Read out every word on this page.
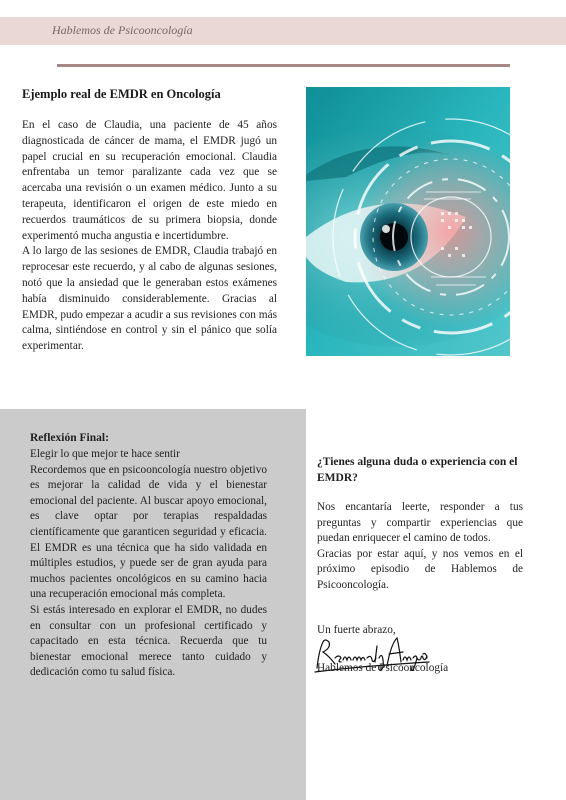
Hablemos de Psicooncología
Ejemplo real de EMDR en Oncología

En el caso de Claudia, una paciente de 45 años diagnosticada de cáncer de mama, el EMDR jugó un papel crucial en su recuperación emocional. Claudia enfrentaba un temor paralizante cada vez que se acercaba una revisión o un examen médico. Junto a su terapeuta, identificaron el origen de este miedo en recuerdos traumáticos de su primera biopsia, donde experimentó mucha angustia e incertidumbre.

A lo largo de las sesiones de EMDR, Claudia trabajó en reprocesar este recuerdo, y al cabo de algunas sesiones, notó que la ansiedad que le generaban estos exámenes había disminuido considerablemente. Gracias al EMDR, pudo empezar a acudir a sus revisiones con más calma, sintiéndose en control y sin el pánico que solía experimentar.

Reflexión Final:

Elegir lo que mejor te hace sentir

Recordemos que en psicooncología nuestro objetivo es mejorar la calidad de vida y el bienestar emocional del paciente. Al buscar apoyo emocional, es clave optar por terapias respaldadas científicamente que garanticen seguridad y eficacia. El EMDR es una técnica que ha sido validada en múltiples estudios, y puede ser de gran ayuda para muchos pacientes oncológicos en su camino hacia una recuperación emocional más completa.

Si estás interesado en explorar el EMDR, no dudes en consultar con un profesional certificado y capacitado en esta técnica. Recuerda que tu bienestar emocional merece tanto cuidado y dedicación como tu salud física.

¿Tienes alguna duda o experiencia con el EMDR?

Nos encantaría leerte, responder a tus preguntas y compartir experiencias que puedan enriquecer el camino de todos.

Gracias por estar aquí, y nos vemos en el próximo episodio de Hablemos de Psicooncología.

Un fuerte abrazo,
Hablemos de Psicooncología
